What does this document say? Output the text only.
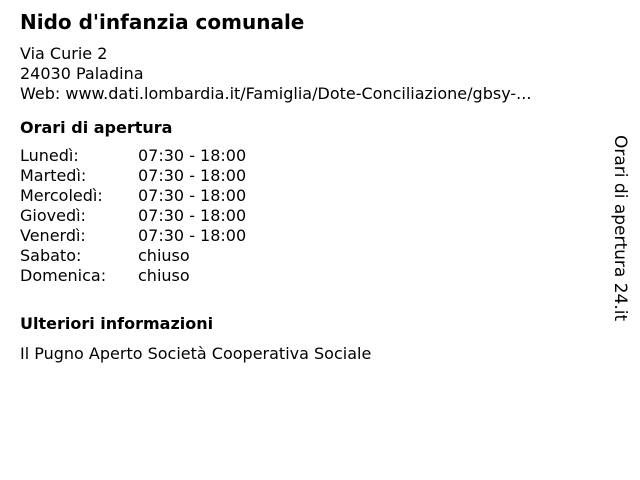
Nido d'infanzia comunale
Via Curie 2
24030 Paladina
Web: www.dati.lombardia.it/Famiglia/Dote-Conciliazione/gbsy-...
Orari di apertura
Lunedì:	07:30 - 18:00
Martedì:	07:30 - 18:00
Mercoledì: 07:30 - 18:00
Giovedì:	07:30 - 18:00
Venerdì:	07:30 - 18:00
Sabato:	chiuso
Domenica: chiuso
Ulteriori informazioni
Il Pugno Aperto Società Cooperativa Sociale
Orari di apertura 24.it
